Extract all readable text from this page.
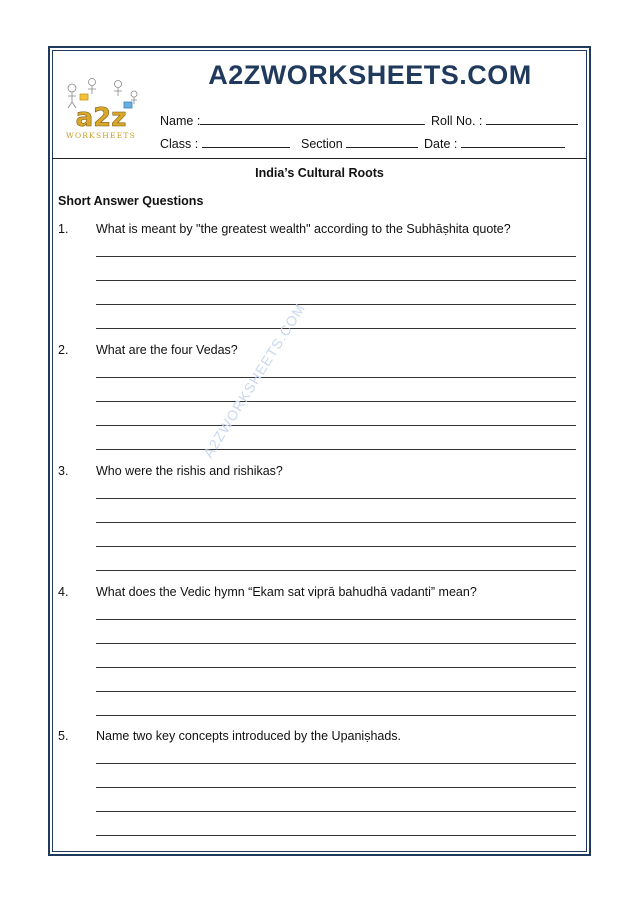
a2z
WORKSHEETS
A2ZWORKSHEETS.COM
Name :	Roll No. :
Class :	Section	Date :
India’s Cultural Roots
Short Answer Questions
1. What is meant by "the greatest wealth" according to the Subhāṣhita quote?
2. What are the four Vedas?
3. Who were the rishis and rishikas?
4. What does the Vedic hymn “Ekam sat viprā bahudhā vadanti” mean?
5. Name two key concepts introduced by the Upaniṣhads.
A2ZWORKSHEETS.COM
